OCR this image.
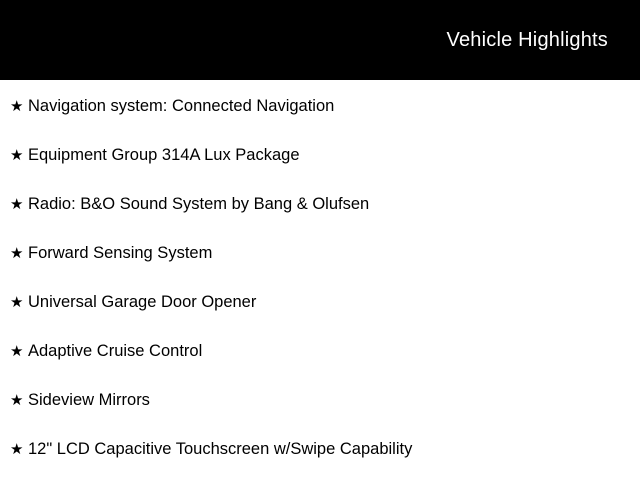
Vehicle Highlights
★ Navigation system: Connected Navigation
★ Equipment Group 314A Lux Package
★ Radio: B&O Sound System by Bang & Olufsen
★ Forward Sensing System
★ Universal Garage Door Opener
★ Adaptive Cruise Control
★ Sideview Mirrors
★ 12" LCD Capacitive Touchscreen w/Swipe Capability
